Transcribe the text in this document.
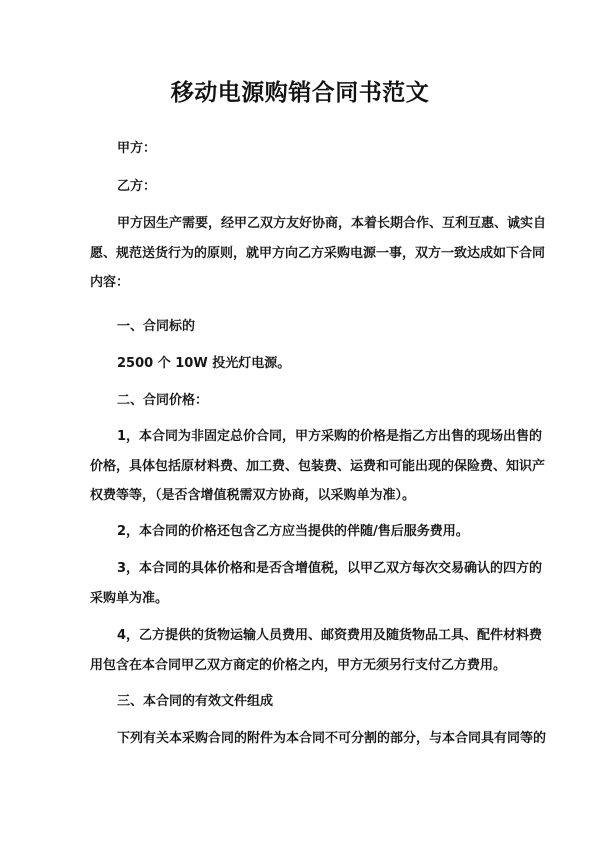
移动电源购销合同书范文
甲方：
乙方：
甲方因生产需要，经甲乙双方友好协商，本着长期合作、互利互惠、诚实自
愿、规范送货行为的原则，就甲方向乙方采购电源一事，双方一致达成如下合同
内容：
一、合同标的
2500 个 10W 投光灯电源。
二、合同价格：
1，本合同为非固定总价合同，甲方采购的价格是指乙方出售的现场出售的
价格，具体包括原材料费、加工费、包装费、运费和可能出现的保险费、知识产
权费等等，（是否含增值税需双方协商，以采购单为准）。
2，本合同的价格还包含乙方应当提供的伴随/售后服务费用。
3，本合同的具体价格和是否含增值税，以甲乙双方每次交易确认的四方的
采购单为准。
4，乙方提供的货物运输人员费用、邮资费用及随货物品工具、配件材料费
用包含在本合同甲乙双方商定的价格之内，甲方无须另行支付乙方费用。
三、本合同的有效文件组成
下列有关本采购合同的附件为本合同不可分割的部分，与本合同具有同等的
